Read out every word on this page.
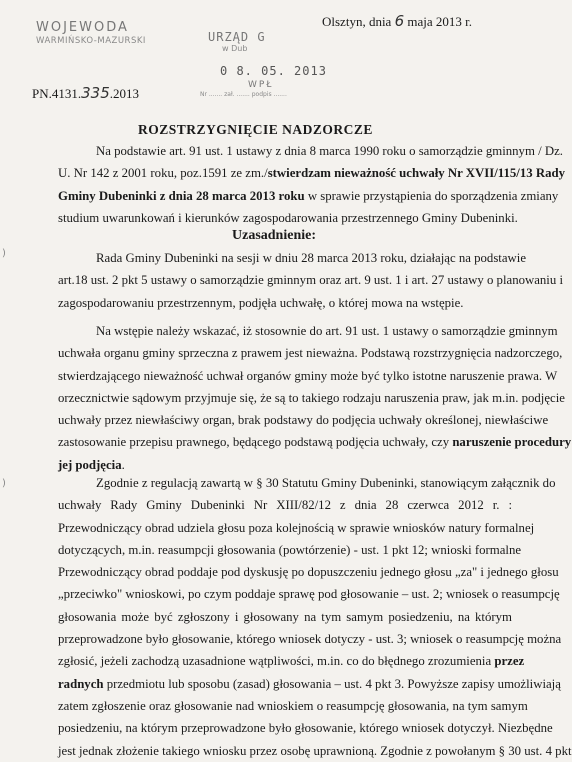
WOJEWODA
WARMIŃSKO-MAZURSKI	URZĄD G
w Dub
0 8. 05. 2013
WPŁ
Nr ....... zał. ....... podpis .......
Olsztyn, dnia 6 maja 2013 r.
PN.4131.335.2013
ROZSTRZYGNIĘCIE NADZORCZE
Na podstawie art. 91 ust. 1 ustawy z dnia 8 marca 1990 roku o samorządzie gminnym / Dz.
U. Nr 142 z 2001 roku, poz.1591 ze zm./stwierdzam nieważność uchwały Nr XVII/115/13 Rady
Gminy Dubeninki z dnia 28 marca 2013 roku w sprawie przystąpienia do sporządzenia zmiany
studium uwarunkowań i kierunków zagospodarowania przestrzennego Gminy Dubeninki.
Uzasadnienie:
Rada Gminy Dubeninki na sesji w dniu 28 marca 2013 roku, działając na podstawie
art.18 ust. 2 pkt 5 ustawy o samorządzie gminnym oraz art. 9 ust. 1 i art. 27 ustawy o planowaniu i
zagospodarowaniu przestrzennym, podjęła uchwałę, o której mowa na wstępie.
Na wstępie należy wskazać, iż stosownie do art. 91 ust. 1 ustawy o samorządzie gminnym
uchwała organu gminy sprzeczna z prawem jest nieważna. Podstawą rozstrzygnięcia nadzorczego,
stwierdzającego nieważność uchwał organów gminy może być tylko istotne naruszenie prawa. W
orzecznictwie sądowym przyjmuje się, że są to takiego rodzaju naruszenia praw, jak m.in. podjęcie
uchwały przez niewłaściwy organ, brak podstawy do podjęcia uchwały określonej, niewłaściwe
zastosowanie przepisu prawnego, będącego podstawą podjęcia uchwały, czy naruszenie procedury
jej podjęcia.
Zgodnie z regulacją zawartą w § 30 Statutu Gminy Dubeninki, stanowiącym załącznik do
uchwały Rady Gminy Dubeninki Nr XIII/82/12 z dnia 28 czerwca 2012 r. :
Przewodniczący obrad udziela głosu poza kolejnością w sprawie wniosków natury formalnej
dotyczących, m.in. reasumpcji głosowania (powtórzenie) - ust. 1 pkt 12; wnioski formalne
Przewodniczący obrad poddaje pod dyskusję po dopuszczeniu jednego głosu „za" i jednego głosu
„przeciwko" wnioskowi, po czym poddaje sprawę pod głosowanie – ust. 2; wniosek o reasumpcję
głosowania może być zgłoszony i głosowany na tym samym posiedzeniu, na którym
przeprowadzone było głosowanie, którego wniosek dotyczy - ust. 3; wniosek o reasumpcję można
zgłosić, jeżeli zachodzą uzasadnione wątpliwości, m.in. co do błędnego zrozumienia przez
radnych przedmiotu lub sposobu (zasad) głosowania – ust. 4 pkt 3. Powyższe zapisy umożliwiają
zatem zgłoszenie oraz głosowanie nad wnioskiem o reasumpcję głosowania, na tym samym
posiedzeniu, na którym przeprowadzone było głosowanie, którego wniosek dotyczył. Niezbędne
jest jednak złożenie takiego wniosku przez osobę uprawnioną. Zgodnie z powołanym § 30 ust. 4 pkt
)
)
